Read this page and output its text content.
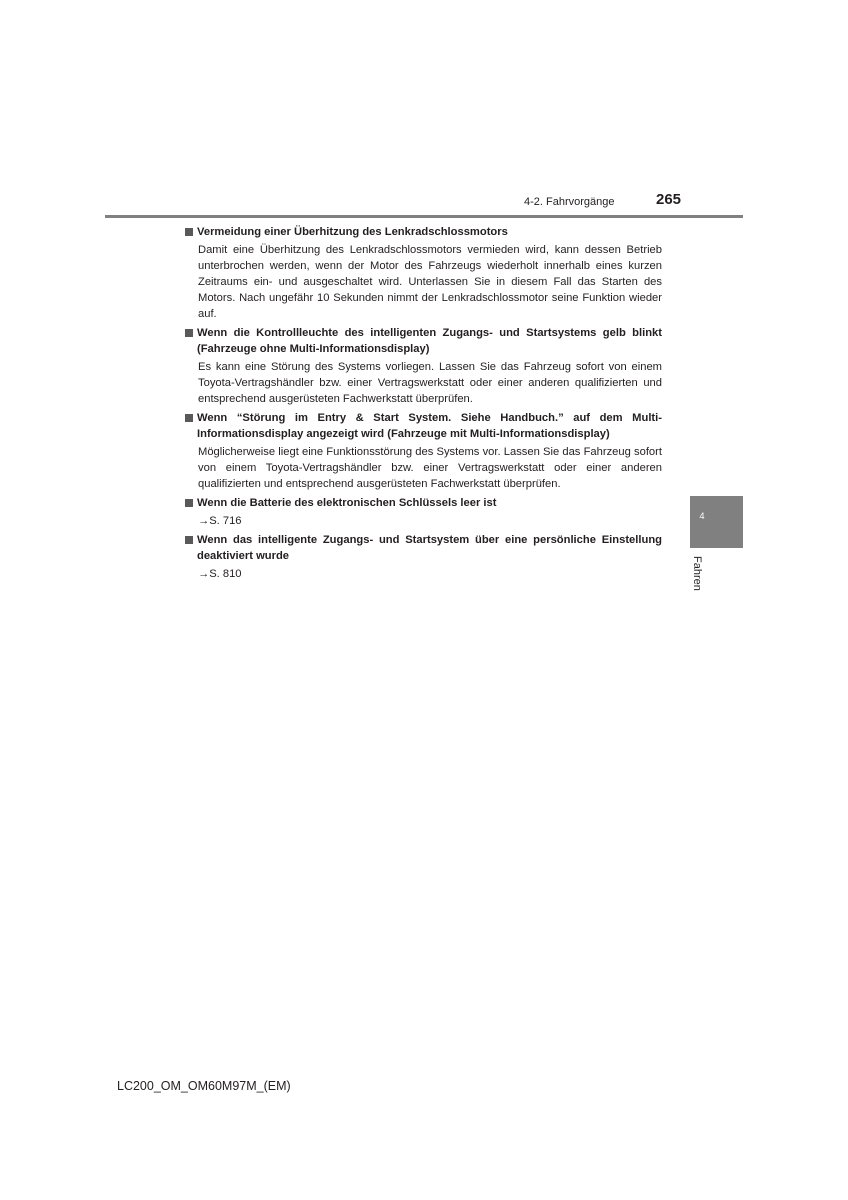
4-2. Fahrvorgänge	265
Vermeidung einer Überhitzung des Lenkradschlossmotors
Damit eine Überhitzung des Lenkradschlossmotors vermieden wird, kann dessen Betrieb unterbrochen werden, wenn der Motor des Fahrzeugs wiederholt innerhalb eines kurzen Zeitraums ein- und ausgeschaltet wird. Unterlassen Sie in diesem Fall das Starten des Motors. Nach ungefähr 10 Sekunden nimmt der Lenkradschlossmotor seine Funktion wieder auf.
Wenn die Kontrollleuchte des intelligenten Zugangs- und Startsystems gelb blinkt (Fahrzeuge ohne Multi-Informationsdisplay)
Es kann eine Störung des Systems vorliegen. Lassen Sie das Fahrzeug sofort von einem Toyota-Vertragshändler bzw. einer Vertragswerkstatt oder einer anderen qualifizierten und entsprechend ausgerüsteten Fachwerkstatt überprüfen.
Wenn “Störung im Entry & Start System. Siehe Handbuch.” auf dem Multi-Informationsdisplay angezeigt wird (Fahrzeuge mit Multi-Informationsdisplay)
Möglicherweise liegt eine Funktionsstörung des Systems vor. Lassen Sie das Fahrzeug sofort von einem Toyota-Vertragshändler bzw. einer Vertragswerkstatt oder einer anderen qualifizierten und entsprechend ausgerüsteten Fachwerkstatt überprüfen.
Wenn die Batterie des elektronischen Schlüssels leer ist
→S. 716
Wenn das intelligente Zugangs- und Startsystem über eine persönliche Einstellung deaktiviert wurde
→S. 810
4
Fahren
LC200_OM_OM60M97M_(EM)
